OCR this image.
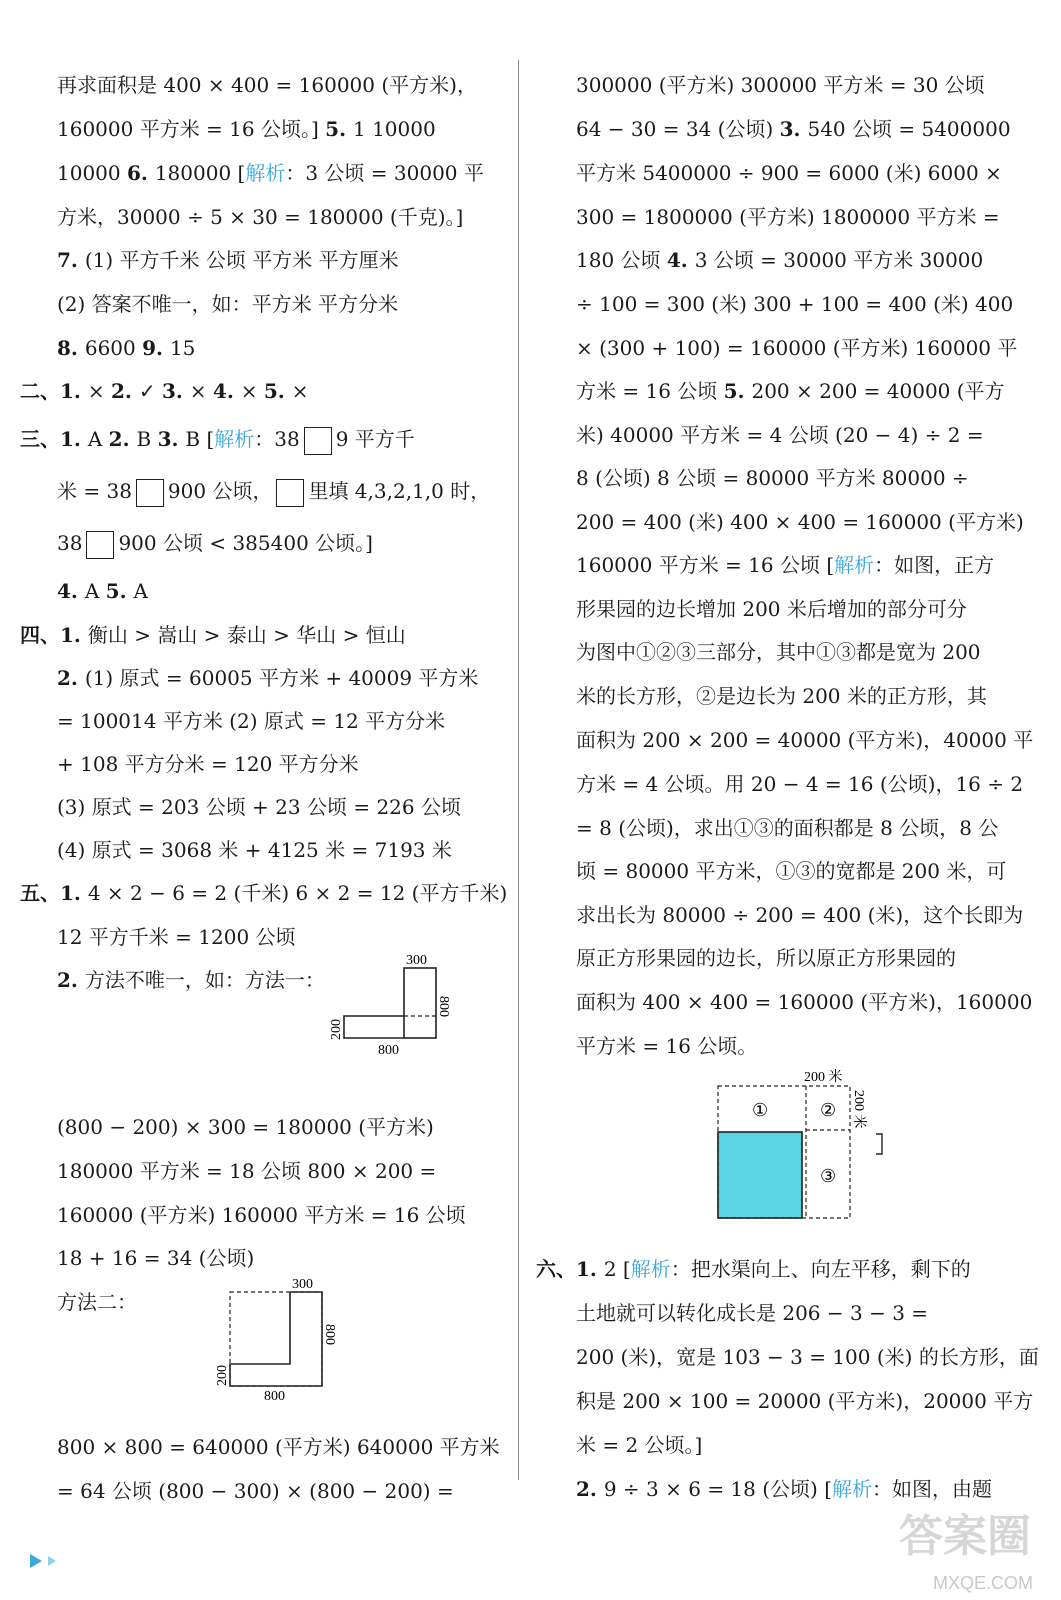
再求面积是 400 × 400 = 160000 (平方米)，
160000 平方米 = 16 公顷。] 5. 1 10000
10000 6. 180000 [解析：3 公顷 = 30000 平
方米，30000 ÷ 5 × 30 = 180000 (千克)。]
7. (1) 平方千米 公顷 平方米 平方厘米
(2) 答案不唯一，如：平方米 平方分米
8. 6600 9. 15
二、1. × 2. ✓ 3. × 4. × 5. ×
三、1. A 2. B 3. B [解析：38 9 平方千
米 = 38 900 公顷， 里填 4,3,2,1,0 时，
38 900 公顷 < 385400 公顷。]
4. A 5. A
四、1. 衡山 > 嵩山 > 泰山 > 华山 > 恒山
2. (1) 原式 = 60005 平方米 + 40009 平方米
= 100014 平方米 (2) 原式 = 12 平方分米
+ 108 平方分米 = 120 平方分米
(3) 原式 = 203 公顷 + 23 公顷 = 226 公顷
(4) 原式 = 3068 米 + 4125 米 = 7193 米
五、1. 4 × 2 − 6 = 2 (千米) 6 × 2 = 12 (平方千米)
12 平方千米 = 1200 公顷
2. 方法不唯一，如：方法一：
(800 − 200) × 300 = 180000 (平方米)
180000 平方米 = 18 公顷 800 × 200 =
160000 (平方米) 160000 平方米 = 16 公顷
18 + 16 = 34 (公顷)
方法二：
800 × 800 = 640000 (平方米) 640000 平方米
= 64 公顷 (800 − 300) × (800 − 200) =
300000 (平方米) 300000 平方米 = 30 公顷
64 − 30 = 34 (公顷) 3. 540 公顷 = 5400000
平方米 5400000 ÷ 900 = 6000 (米) 6000 ×
300 = 1800000 (平方米) 1800000 平方米 =
180 公顷 4. 3 公顷 = 30000 平方米 30000
÷ 100 = 300 (米) 300 + 100 = 400 (米) 400
× (300 + 100) = 160000 (平方米) 160000 平
方米 = 16 公顷 5. 200 × 200 = 40000 (平方
米) 40000 平方米 = 4 公顷 (20 − 4) ÷ 2 =
8 (公顷) 8 公顷 = 80000 平方米 80000 ÷
200 = 400 (米) 400 × 400 = 160000 (平方米)
160000 平方米 = 16 公顷 [解析：如图，正方
形果园的边长增加 200 米后增加的部分可分
为图中①②③三部分，其中①③都是宽为 200
米的长方形，②是边长为 200 米的正方形，其
面积为 200 × 200 = 40000 (平方米)，40000 平
方米 = 4 公顷。用 20 − 4 = 16 (公顷)，16 ÷ 2
= 8 (公顷)，求出①③的面积都是 8 公顷，8 公
顷 = 80000 平方米，①③的宽都是 200 米，可
求出长为 80000 ÷ 200 = 400 (米)，这个长即为
原正方形果园的边长，所以原正方形果园的
面积为 400 × 400 = 160000 (平方米)，160000
平方米 = 16 公顷。
六、1. 2 [解析：把水渠向上、向左平移，剩下的
土地就可以转化成长是 206 − 3 − 3 =
200 (米)，宽是 103 − 3 = 100 (米) 的长方形，面
积是 200 × 100 = 20000 (平方米)，20000 平方
米 = 2 公顷。]
2. 9 ÷ 3 × 6 = 18 (公顷) [解析：如图，由题
300
800
200
800
300
800
200
800
①	②
③
200 米
200 米
答案圈
MXQE.COM
